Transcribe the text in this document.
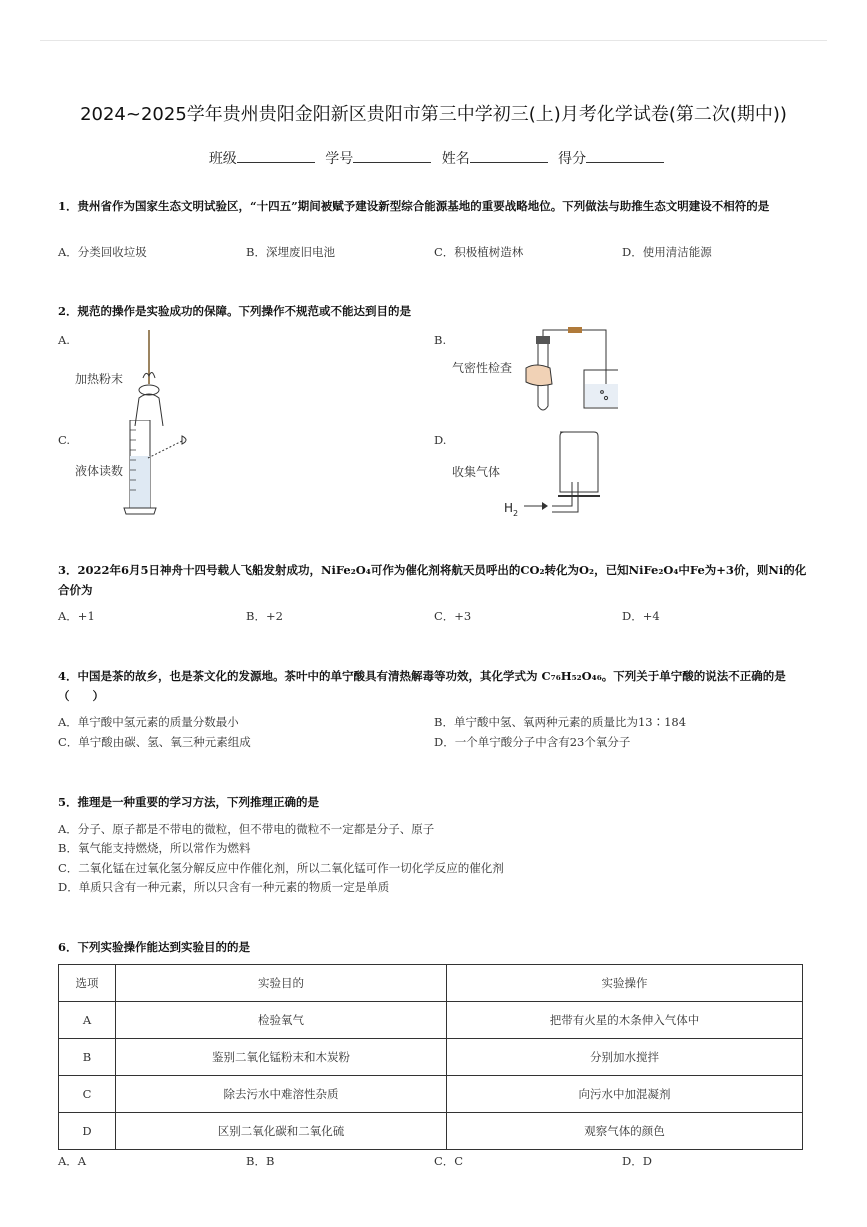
2024~2025学年贵州贵阳金阳新区贵阳市第三中学初三(上)月考化学试卷(第二次(期中))
班级	学号	姓名	得分
1．贵州省作为国家生态文明试验区，“十四五”期间被赋予建设新型综合能源基地的重要战略地位。下列做法与助推生态文明建设不相符的是
A．分类回收垃圾	B．深埋废旧电池	C．积极植树造林	D．使用清洁能源
2．规范的操作是实验成功的保障。下列操作不规范或不能达到目的是
A.	B.
C.	D.
加热粉末
气密性检查
液体读数	收集气体
$H_2$
3．2022年6月5日神舟十四号载人飞船发射成功，NiFe₂O₄可作为催化剂将航天员呼出的CO₂转化为O₂，已知NiFe₂O₄中Fe为+3价，则Ni的化合价为
A．+1	B．+2	C．+3	D．+4
4．中国是茶的故乡，也是茶文化的发源地。茶叶中的单宁酸具有清热解毒等功效，其化学式为 C₇₆H₅₂O₄₆。下列关于单宁酸的说法不正确的是（　　）
A．单宁酸中氢元素的质量分数最小	B．单宁酸中氢、氧两种元素的质量比为13∶184
C．单宁酸由碳、氢、氧三种元素组成	D．一个单宁酸分子中含有23个氧分子
5．推理是一种重要的学习方法，下列推理正确的是
A．分子、原子都是不带电的微粒，但不带电的微粒不一定都是分子、原子
B．氧气能支持燃烧，所以常作为燃料
C．二氧化锰在过氧化氢分解反应中作催化剂，所以二氧化锰可作一切化学反应的催化剂
D．单质只含有一种元素，所以只含有一种元素的物质一定是单质
6．下列实验操作能达到实验目的的是
选项	实验目的	实验操作
A	检验氧气	把带有火星的木条伸入气体中
B	鉴别二氧化锰粉末和木炭粉	分别加水搅拌
C	除去污水中难溶性杂质	向污水中加混凝剂
D	区别二氧化碳和二氧化硫	观察气体的颜色
A．A	B．B	C．C	D．D
